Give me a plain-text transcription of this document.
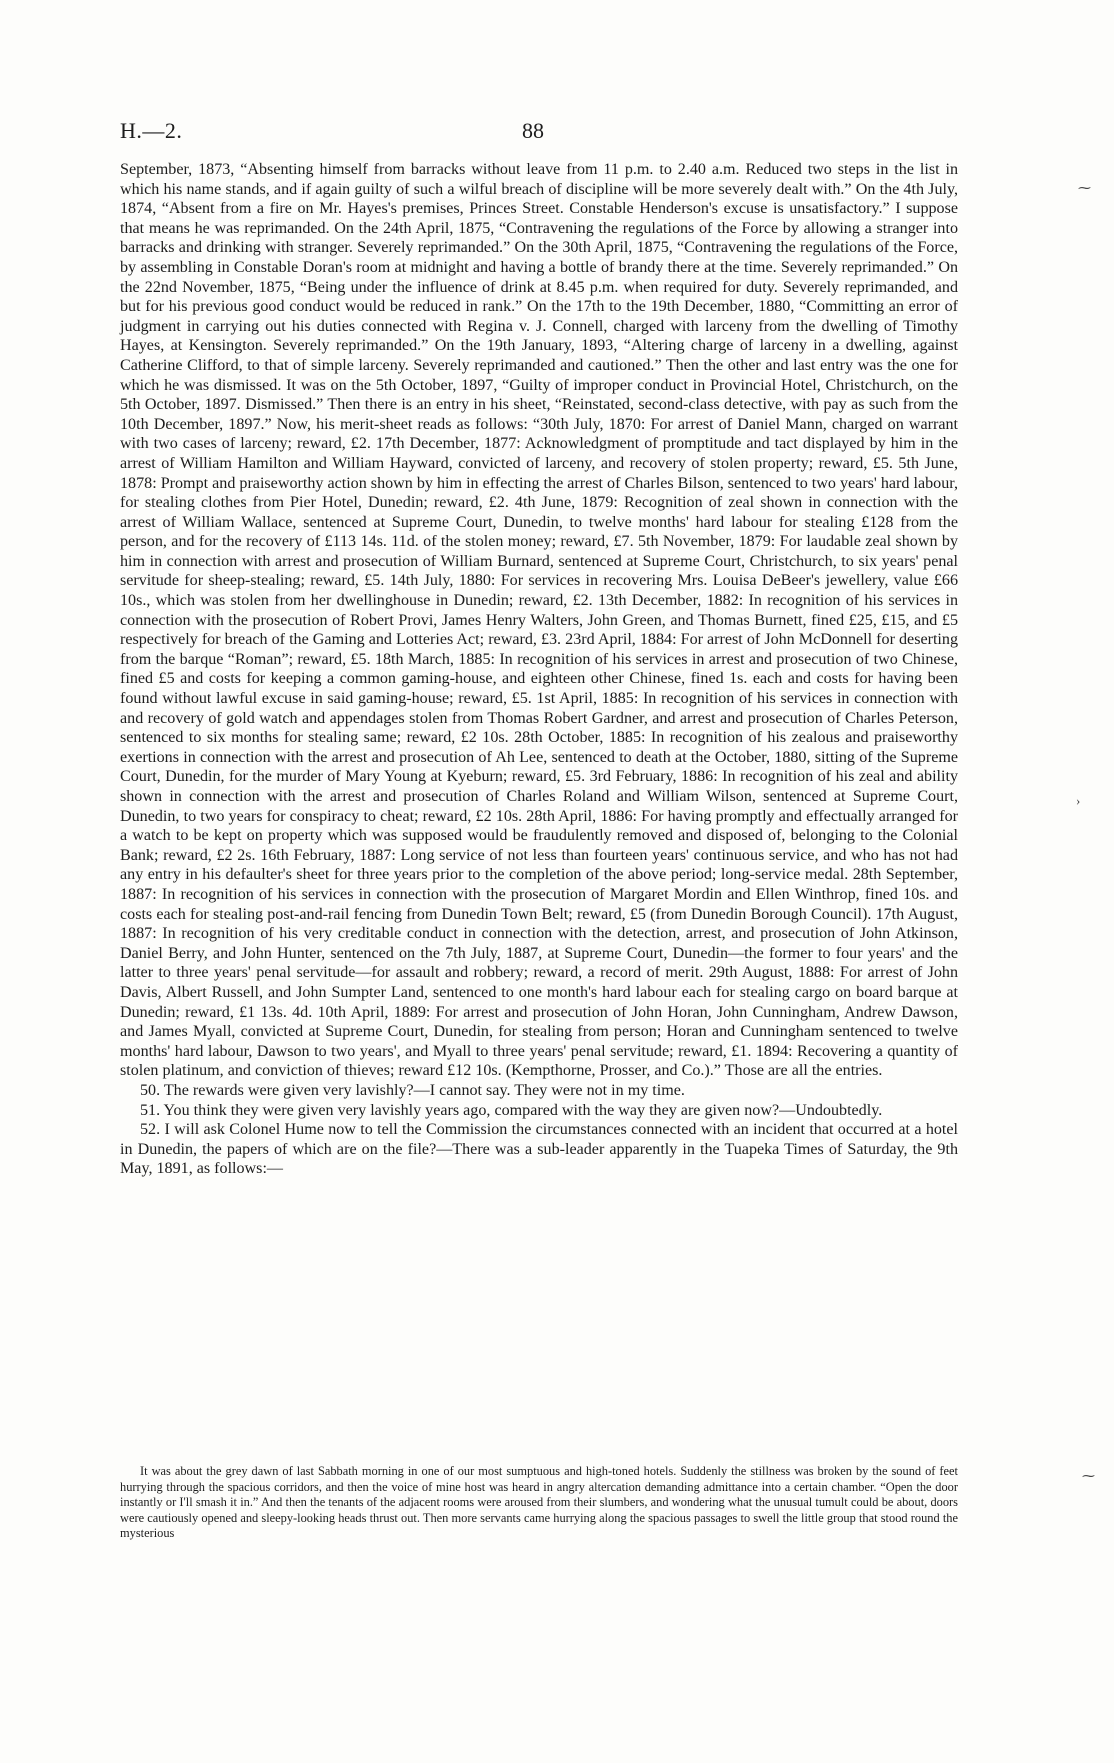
H.—2.	88

September, 1873, “Absenting himself from barracks without leave from 11 p.m. to 2.40 a.m. Reduced two steps in the list in which his name stands, and if again guilty of such a wilful breach of discipline will be more severely dealt with.” On the 4th July, 1874, “Absent from a fire on Mr. Hayes's premises, Princes Street. Constable Henderson's excuse is unsatisfactory.” I suppose that means he was reprimanded. On the 24th April, 1875, “Contravening the regulations of the Force by allowing a stranger into barracks and drinking with stranger. Severely reprimanded.” On the 30th April, 1875, “Contravening the regulations of the Force, by assembling in Constable Doran's room at midnight and having a bottle of brandy there at the time. Severely reprimanded.” On the 22nd November, 1875, “Being under the influence of drink at 8.45 p.m. when required for duty. Severely reprimanded, and but for his previous good conduct would be reduced in rank.” On the 17th to the 19th December, 1880, “Committing an error of judgment in carrying out his duties connected with Regina v. J. Connell, charged with larceny from the dwelling of Timothy Hayes, at Kensington. Severely reprimanded.” On the 19th January, 1893, “Altering charge of larceny in a dwelling, against Catherine Clifford, to that of simple larceny. Severely reprimanded and cautioned.” Then the other and last entry was the one for which he was dismissed. It was on the 5th October, 1897, “Guilty of improper conduct in Provincial Hotel, Christchurch, on the 5th October, 1897. Dismissed.” Then there is an entry in his sheet, “Reinstated, second-class detective, with pay as such from the 10th December, 1897.” Now, his merit-sheet reads as follows: “30th July, 1870: For arrest of Daniel Mann, charged on warrant with two cases of larceny; reward, £2. 17th December, 1877: Acknowledgment of promptitude and tact displayed by him in the arrest of William Hamilton and William Hayward, convicted of larceny, and recovery of stolen property; reward, £5. 5th June, 1878: Prompt and praiseworthy action shown by him in effecting the arrest of Charles Bilson, sentenced to two years' hard labour, for stealing clothes from Pier Hotel, Dunedin; reward, £2. 4th June, 1879: Recognition of zeal shown in connection with the arrest of William Wallace, sentenced at Supreme Court, Dunedin, to twelve months' hard labour for stealing £128 from the person, and for the recovery of £113 14s. 11d. of the stolen money; reward, £7. 5th November, 1879: For laudable zeal shown by him in connection with arrest and prosecution of William Burnard, sentenced at Supreme Court, Christchurch, to six years' penal servitude for sheep-stealing; reward, £5. 14th July, 1880: For services in recovering Mrs. Louisa DeBeer's jewellery, value £66 10s., which was stolen from her dwellinghouse in Dunedin; reward, £2. 13th December, 1882: In recognition of his services in connection with the prosecution of Robert Provi, James Henry Walters, John Green, and Thomas Burnett, fined £25, £15, and £5 respectively for breach of the Gaming and Lotteries Act; reward, £3. 23rd April, 1884: For arrest of John McDonnell for deserting from the barque “Roman”; reward, £5. 18th March, 1885: In recognition of his services in arrest and prosecution of two Chinese, fined £5 and costs for keeping a common gaming-house, and eighteen other Chinese, fined 1s. each and costs for having been found without lawful excuse in said gaming-house; reward, £5. 1st April, 1885: In recognition of his services in connection with and recovery of gold watch and appendages stolen from Thomas Robert Gardner, and arrest and prosecution of Charles Peterson, sentenced to six months for stealing same; reward, £2 10s. 28th October, 1885: In recognition of his zealous and praiseworthy exertions in connection with the arrest and prosecution of Ah Lee, sentenced to death at the October, 1880, sitting of the Supreme Court, Dunedin, for the murder of Mary Young at Kyeburn; reward, £5. 3rd February, 1886: In recognition of his zeal and ability shown in connection with the arrest and prosecution of Charles Roland and William Wilson, sentenced at Supreme Court, Dunedin, to two years for conspiracy to cheat; reward, £2 10s. 28th April, 1886: For having promptly and effectually arranged for a watch to be kept on property which was supposed would be fraudulently removed and disposed of, belonging to the Colonial Bank; reward, £2 2s. 16th February, 1887: Long service of not less than fourteen years' continuous service, and who has not had any entry in his defaulter's sheet for three years prior to the completion of the above period; long-service medal. 28th September, 1887: In recognition of his services in connection with the prosecution of Margaret Mordin and Ellen Winthrop, fined 10s. and costs each for stealing post-and-rail fencing from Dunedin Town Belt; reward, £5 (from Dunedin Borough Council). 17th August, 1887: In recognition of his very creditable conduct in connection with the detection, arrest, and prosecution of John Atkinson, Daniel Berry, and John Hunter, sentenced on the 7th July, 1887, at Supreme Court, Dunedin—the former to four years' and the latter to three years' penal servitude—for assault and robbery; reward, a record of merit. 29th August, 1888: For arrest of John Davis, Albert Russell, and John Sumpter Land, sentenced to one month's hard labour each for stealing cargo on board barque at Dunedin; reward, £1 13s. 4d. 10th April, 1889: For arrest and prosecution of John Horan, John Cunningham, Andrew Dawson, and James Myall, convicted at Supreme Court, Dunedin, for stealing from person; Horan and Cunningham sentenced to twelve months' hard labour, Dawson to two years', and Myall to three years' penal servitude; reward, £1. 1894: Recovering a quantity of stolen platinum, and conviction of thieves; reward £12 10s. (Kempthorne, Prosser, and Co.).” Those are all the entries.

50. The rewards were given very lavishly?—I cannot say. They were not in my time.

51. You think they were given very lavishly years ago, compared with the way they are given now?—Undoubtedly.

52. I will ask Colonel Hume now to tell the Commission the circumstances connected with an incident that occurred at a hotel in Dunedin, the papers of which are on the file?—There was a sub-leader apparently in the Tuapeka Times of Saturday, the 9th May, 1891, as follows:—

It was about the grey dawn of last Sabbath morning in one of our most sumptuous and high-toned hotels. Suddenly the stillness was broken by the sound of feet hurrying through the spacious corridors, and then the voice of mine host was heard in angry altercation demanding admittance into a certain chamber. “Open the door instantly or I'll smash it in.” And then the tenants of the adjacent rooms were aroused from their slumbers, and wondering what the unusual tumult could be about, doors were cautiously opened and sleepy-looking heads thrust out. Then more servants came hurrying along the spacious passages to swell the little group that stood round the mysterious

⁓
›
⁓
